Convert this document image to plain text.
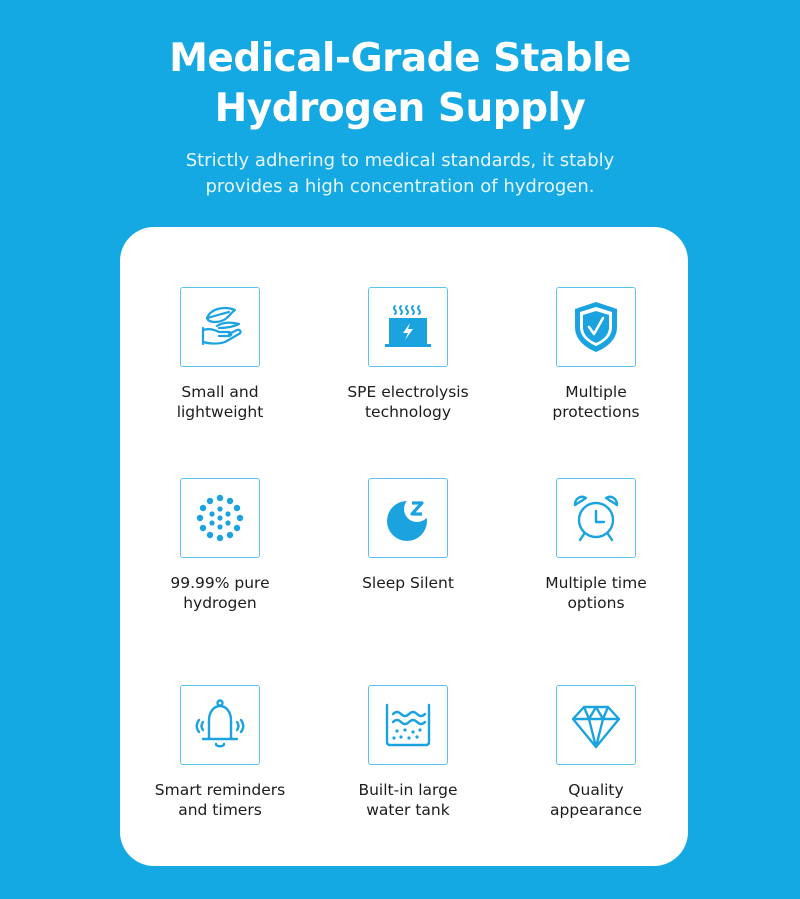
Medical-Grade Stable
Hydrogen Supply
Strictly adhering to medical standards, it stably
provides a high concentration of hydrogen.
Small and
lightweight
SPE electrolysis
technology
Multiple
protections
99.99% pure
hydrogen
Sleep Silent	Multiple time
options
Smart reminders
and timers
Built-in large
water tank
Quality
appearance
